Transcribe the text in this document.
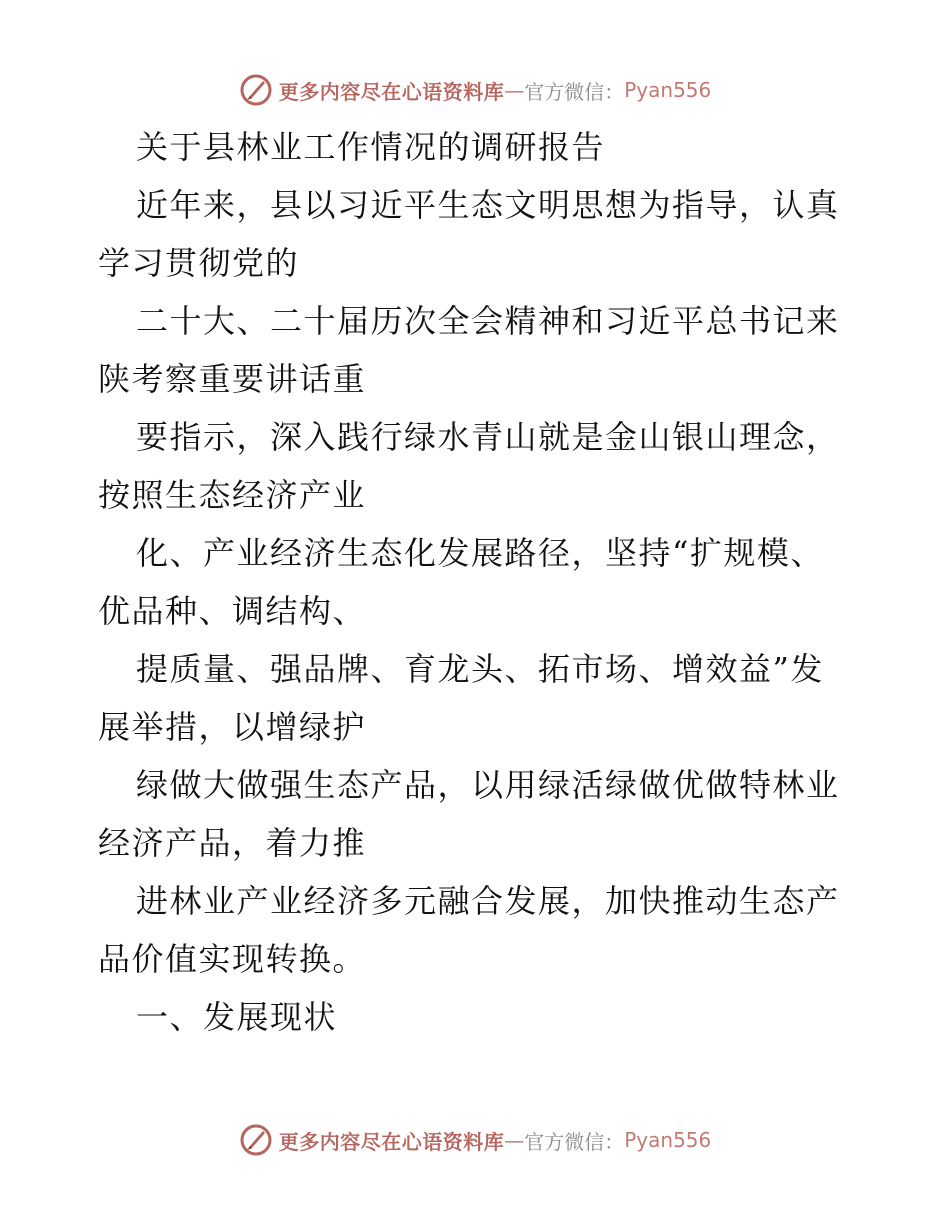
更多内容尽在心语资料库 — 官方微信： Pyan556
关于县林业工作情况的调研报告
近年来，县以习近平生态文明思想为指导，认真
学习贯彻党的
二十大、二十届历次全会精神和习近平总书记来
陕考察重要讲话重
要指示，深入践行绿水青山就是金山银山理念，
按照生态经济产业
化、产业经济生态化发展路径，坚持“扩规模、
优品种、调结构、
提质量、强品牌、育龙头、拓市场、增效益”发
展举措，以增绿护
绿做大做强生态产品，以用绿活绿做优做特林业
经济产品，着力推
进林业产业经济多元融合发展，加快推动生态产
品价值实现转换。
一、发展现状
更多内容尽在心语资料库 — 官方微信： Pyan556
